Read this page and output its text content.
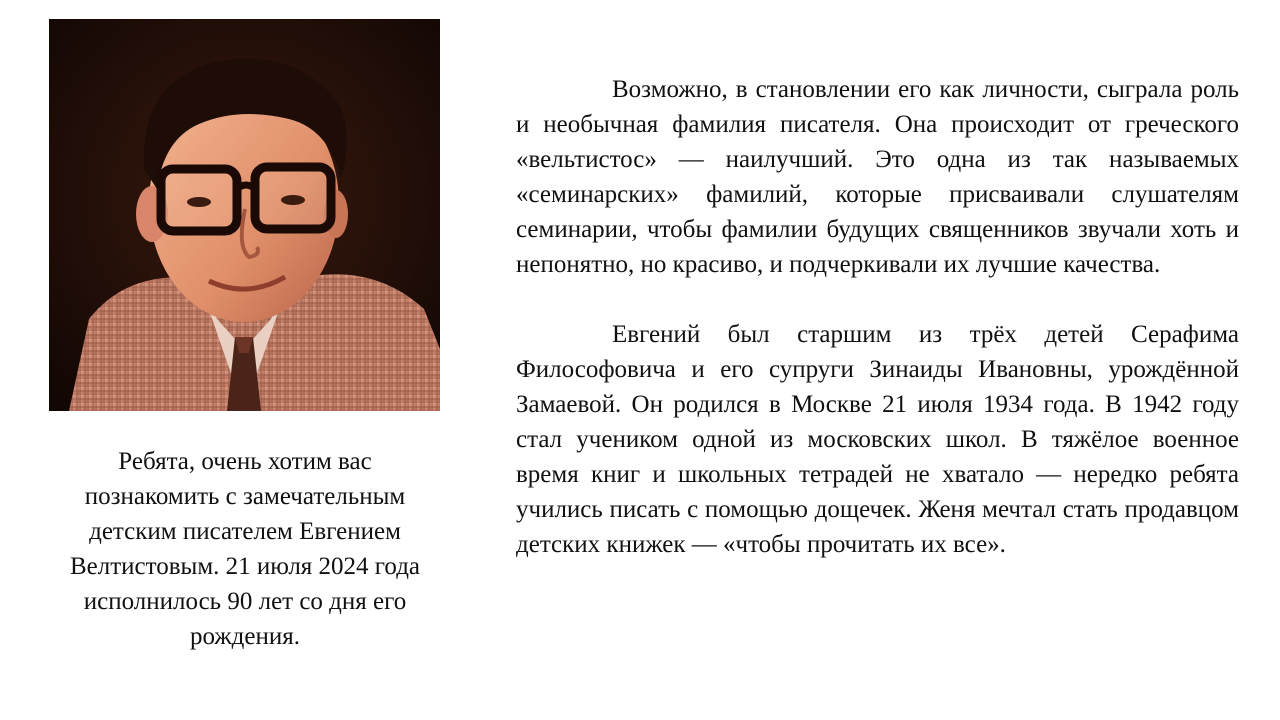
Ребята, очень хотим вас познакомить с замечательным детским писателем Евгением Велтистовым. 21 июля 2024 года исполнилось 90 лет со дня его рождения.

Возможно, в становлении его как личности, сыграла роль и необычная фамилия писателя. Она происходит от греческого «вельтистос» — наилучший. Это одна из так называемых «семинарских» фамилий, которые присваивали слушателям семинарии, чтобы фамилии будущих священников звучали хоть и непонятно, но красиво, и подчеркивали их лучшие качества.

Евгений был старшим из трёх детей Серафима Философовича и его супруги Зинаиды Ивановны, урождённой Замаевой. Он родился в Москве 21 июля 1934 года. В 1942 году стал учеником одной из московских школ. В тяжёлое военное время книг и школьных тетрадей не хватало — нередко ребята учились писать с помощью дощечек. Женя мечтал стать продавцом детских книжек — «чтобы прочитать их все».
